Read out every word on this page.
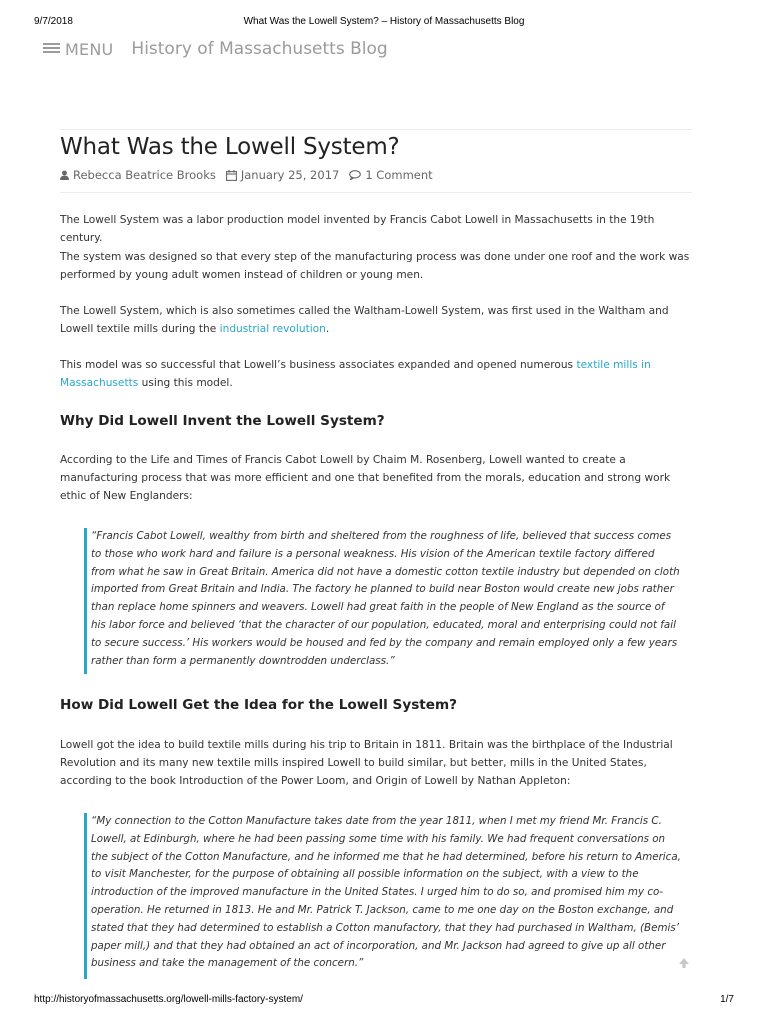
9/7/2018	What Was the Lowell System? – History of Massachusetts Blog
MENU History of Massachusetts Blog
What Was the Lowell System?
Rebecca Beatrice Brooks January 25, 2017 1 Comment

The Lowell System was a labor production model invented by Francis Cabot Lowell in Massachusetts in the 19th century.

The system was designed so that every step of the manufacturing process was done under one roof and the work was performed by young adult women instead of children or young men.

The Lowell System, which is also sometimes called the Waltham-Lowell System, was first used in the Waltham and Lowell textile mills during the industrial revolution.

This model was so successful that Lowell’s business associates expanded and opened numerous textile mills in Massachusetts using this model.

Why Did Lowell Invent the Lowell System?

According to the Life and Times of Francis Cabot Lowell by Chaim M. Rosenberg, Lowell wanted to create a manufacturing process that was more efficient and one that benefited from the morals, education and strong work ethic of New Englanders:

“Francis Cabot Lowell, wealthy from birth and sheltered from the roughness of life, believed that success comes to those who work hard and failure is a personal weakness. His vision of the American textile factory differed from what he saw in Great Britain. America did not have a domestic cotton textile industry but depended on cloth imported from Great Britain and India. The factory he planned to build near Boston would create new jobs rather than replace home spinners and weavers. Lowell had great faith in the people of New England as the source of his labor force and believed ‘that the character of our population, educated, moral and enterprising could not fail to secure success.’ His workers would be housed and fed by the company and remain employed only a few years rather than form a permanently downtrodden underclass.”

How Did Lowell Get the Idea for the Lowell System?

Lowell got the idea to build textile mills during his trip to Britain in 1811. Britain was the birthplace of the Industrial Revolution and its many new textile mills inspired Lowell to build similar, but better, mills in the United States, according to the book Introduction of the Power Loom, and Origin of Lowell by Nathan Appleton:

“My connection to the Cotton Manufacture takes date from the year 1811, when I met my friend Mr. Francis C. Lowell, at Edinburgh, where he had been passing some time with his family. We had frequent conversations on the subject of the Cotton Manufacture, and he informed me that he had determined, before his return to America, to visit Manchester, for the purpose of obtaining all possible information on the subject, with a view to the introduction of the improved manufacture in the United States. I urged him to do so, and promised him my co-operation. He returned in 1813. He and Mr. Patrick T. Jackson, came to me one day on the Boston exchange, and stated that they had determined to establish a Cotton manufactory, that they had purchased in Waltham, (Bemis’ paper mill,) and that they had obtained an act of incorporation, and Mr. Jackson had agreed to give up all other business and take the management of the concern.”

http://historyofmassachusetts.org/lowell-mills-factory-system/	1/7
